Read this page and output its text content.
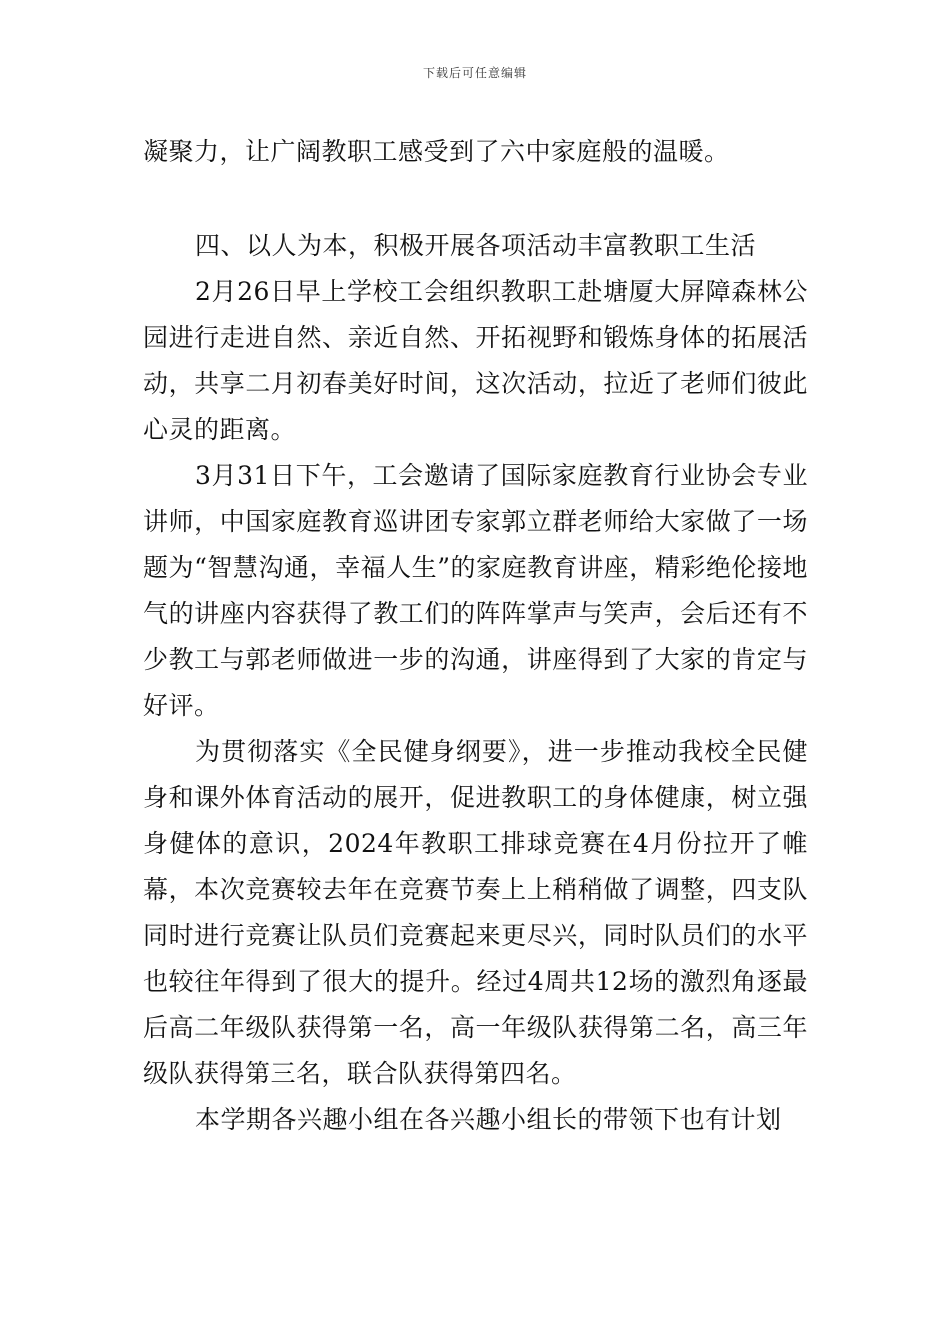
下载后可任意编辑

凝聚力，让广阔教职工感受到了六中家庭般的温暖。

四、以人为本，积极开展各项活动丰富教职工生活

2月26日早上学校工会组织教职工赴塘厦大屏障森林公园进行走进自然、亲近自然、开拓视野和锻炼身体的拓展活动，共享二月初春美好时间，这次活动，拉近了老师们彼此心灵的距离。

3月31日下午，工会邀请了国际家庭教育行业协会专业讲师，中国家庭教育巡讲团专家郭立群老师给大家做了一场题为“智慧沟通，幸福人生”的家庭教育讲座，精彩绝伦接地气的讲座内容获得了教工们的阵阵掌声与笑声，会后还有不少教工与郭老师做进一步的沟通，讲座得到了大家的肯定与好评。

为贯彻落实《全民健身纲要》，进一步推动我校全民健身和课外体育活动的展开，促进教职工的身体健康，树立强身健体的意识，2024年教职工排球竞赛在4月份拉开了帷幕，本次竞赛较去年在竞赛节奏上上稍稍做了调整，四支队同时进行竞赛让队员们竞赛起来更尽兴，同时队员们的水平也较往年得到了很大的提升。经过4周共12场的激烈角逐最后高二年级队获得第一名，高一年级队获得第二名，高三年级队获得第三名，联合队获得第四名。

本学期各兴趣小组在各兴趣小组长的带领下也有计划
